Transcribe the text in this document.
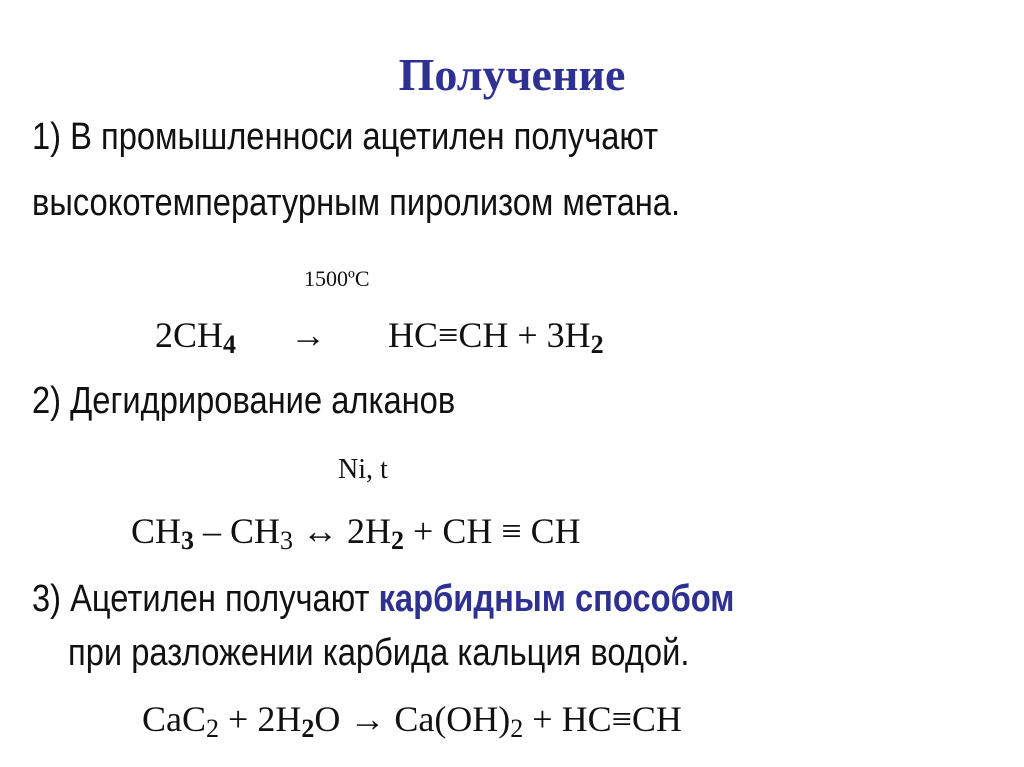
Получение
1) В промышленноси ацетилен получают
высокотемпературным пиролизом метана.
1500ºC
$2CH_4 \to HC\equiv CH + 3H_2$
2) Дегидрирование алканов
Ni, t
$CH_3 - CH_3$ ↔ $2H_2$ + CH ≡ CH
3) Ацетилен получают карбидным способом
при разложении карбида кальция водой.
$CaC_2 + 2H_2O \to Ca(OH)_2 + HC\equiv CH$
